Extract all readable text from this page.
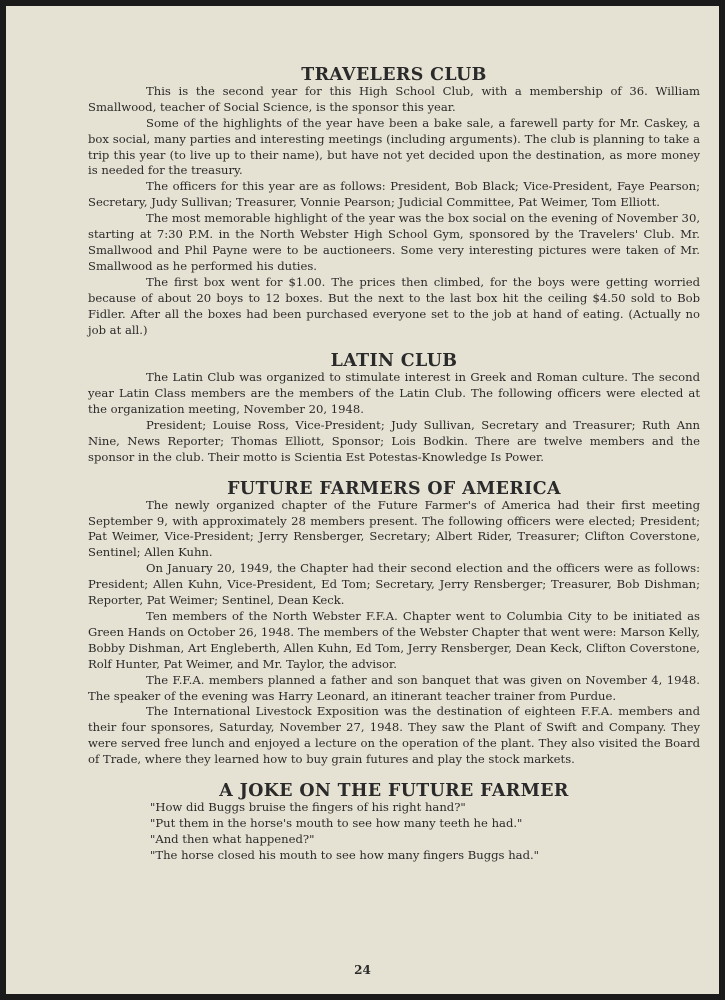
TRAVELERS CLUB

This is the second year for this High School Club, with a membership of 36. William Smallwood, teacher of Social Science, is the sponsor this year.

Some of the highlights of the year have been a bake sale, a farewell party for Mr. Caskey, a box social, many parties and interesting meetings (including arguments). The club is planning to take a trip this year (to live up to their name), but have not yet decided upon the destination, as more money is needed for the treasury.

The officers for this year are as follows: President, Bob Black; Vice-President, Faye Pearson; Secretary, Judy Sullivan; Treasurer, Vonnie Pearson; Judicial Committee, Pat Weimer, Tom Elliott.

The most memorable highlight of the year was the box social on the evening of November 30, starting at 7:30 P.M. in the North Webster High School Gym, sponsored by the Travelers' Club. Mr. Smallwood and Phil Payne were to be auctioneers. Some very interesting pictures were taken of Mr. Smallwood as he performed his duties.

The first box went for $1.00. The prices then climbed, for the boys were getting worried because of about 20 boys to 12 boxes. But the next to the last box hit the ceiling $4.50 sold to Bob Fidler. After all the boxes had been purchased everyone set to the job at hand of eating. (Actually no job at all.)

LATIN CLUB

The Latin Club was organized to stimulate interest in Greek and Roman culture. The second year Latin Class members are the members of the Latin Club. The following officers were elected at the organization meeting, November 20, 1948.

President; Louise Ross, Vice-President; Judy Sullivan, Secretary and Treasurer; Ruth Ann Nine, News Reporter; Thomas Elliott, Sponsor; Lois Bodkin. There are twelve members and the sponsor in the club. Their motto is Scientia Est Potestas-Knowledge Is Power.

FUTURE FARMERS OF AMERICA

The newly organized chapter of the Future Farmer's of America had their first meeting September 9, with approximately 28 members present. The following officers were elected; President; Pat Weimer, Vice-President; Jerry Rensberger, Secretary; Albert Rider, Treasurer; Clifton Coverstone, Sentinel; Allen Kuhn.

On January 20, 1949, the Chapter had their second election and the officers were as follows: President; Allen Kuhn, Vice-President, Ed Tom; Secretary, Jerry Rensberger; Treasurer, Bob Dishman; Reporter, Pat Weimer; Sentinel, Dean Keck.

Ten members of the North Webster F.F.A. Chapter went to Columbia City to be initiated as Green Hands on October 26, 1948. The members of the Webster Chapter that went were: Marson Kelly, Bobby Dishman, Art Engleberth, Allen Kuhn, Ed Tom, Jerry Rensberger, Dean Keck, Clifton Coverstone, Rolf Hunter, Pat Weimer, and Mr. Taylor, the advisor.

The F.F.A. members planned a father and son banquet that was given on November 4, 1948. The speaker of the evening was Harry Leonard, an itinerant teacher trainer from Purdue.

The International Livestock Exposition was the destination of eighteen F.F.A. members and their four sponsores, Saturday, November 27, 1948. They saw the Plant of Swift and Company. They were served free lunch and enjoyed a lecture on the operation of the plant. They also visited the Board of Trade, where they learned how to buy grain futures and play the stock markets.

A JOKE ON THE FUTURE FARMER
"How did Buggs bruise the fingers of his right hand?"
"Put them in the horse's mouth to see how many teeth he had."
"And then what happened?"
"The horse closed his mouth to see how many fingers Buggs had."
24
